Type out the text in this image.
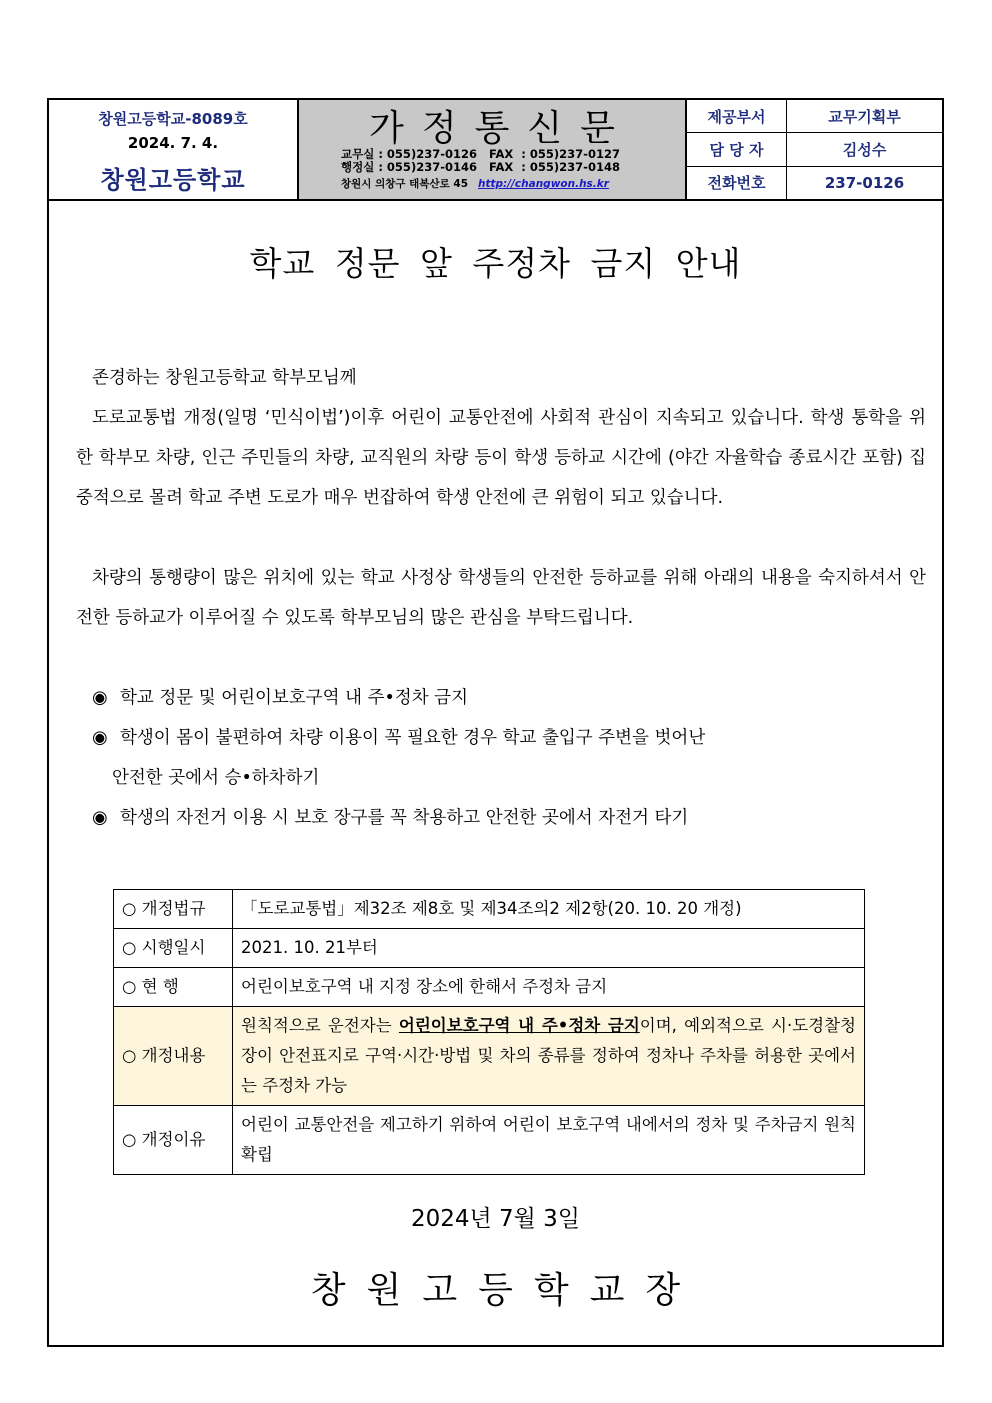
창원고등학교-8089호
2024. 7. 4.
창원고등학교
가정통신문
교무실 : 055)237-0126   FAX  : 055)237-0127
행정실 : 055)237-0146   FAX  : 055)237-0148
창원시 의창구 태복산로 45 http://changwon.hs.kr
제공부서	교무기획부
담 당 자	김성수
전화번호	237-0126
학교 정문 앞 주정차 금지 안내
존경하는 창원고등학교 학부모님께
도로교통법 개정(일명 ‘민식이법’)이후 어린이 교통안전에 사회적 관심이 지속되고 있습니다. 학생 통학을 위한 학부모 차량, 인근 주민들의 차량, 교직원의 차량 등이 학생 등하교 시간에 (야간 자율학습 종료시간 포함) 집중적으로 몰려 학교 주변 도로가 매우 번잡하여 학생 안전에 큰 위험이 되고 있습니다.
차량의 통행량이 많은 위치에 있는 학교 사정상 학생들의 안전한 등하교를 위해 아래의 내용을 숙지하셔서 안전한 등하교가 이루어질 수 있도록 학부모님의 많은 관심을 부탁드립니다.
◉ 학교 정문 및 어린이보호구역 내 주•정차 금지
◉ 학생이 몸이 불편하여 차량 이용이 꼭 필요한 경우 학교 출입구 주변을 벗어난
안전한 곳에서 승•하차하기
◉ 학생의 자전거 이용 시 보호 장구를 꼭 착용하고 안전한 곳에서 자전거 타기
○ 개정법규	「도로교통법」제32조 제8호 및 제34조의2 제2항(20. 10. 20 개정)
○ 시행일시	2021. 10. 21부터
○ 현 행	어린이보호구역 내 지정 장소에 한해서 주정차 금지
○ 개정내용	원칙적으로 운전자는 어린이보호구역 내 주•정차 금지이며, 예외적으로 시·도경찰청장이 안전표지로 구역·시간·방법 및 차의 종류를 정하여 정차나 주차를 허용한 곳에서는 주정차 가능
○ 개정이유	어린이 교통안전을 제고하기 위하여 어린이 보호구역 내에서의 정차 및 주차금지 원칙 확립
2024년 7월 3일
창원고등학교장
